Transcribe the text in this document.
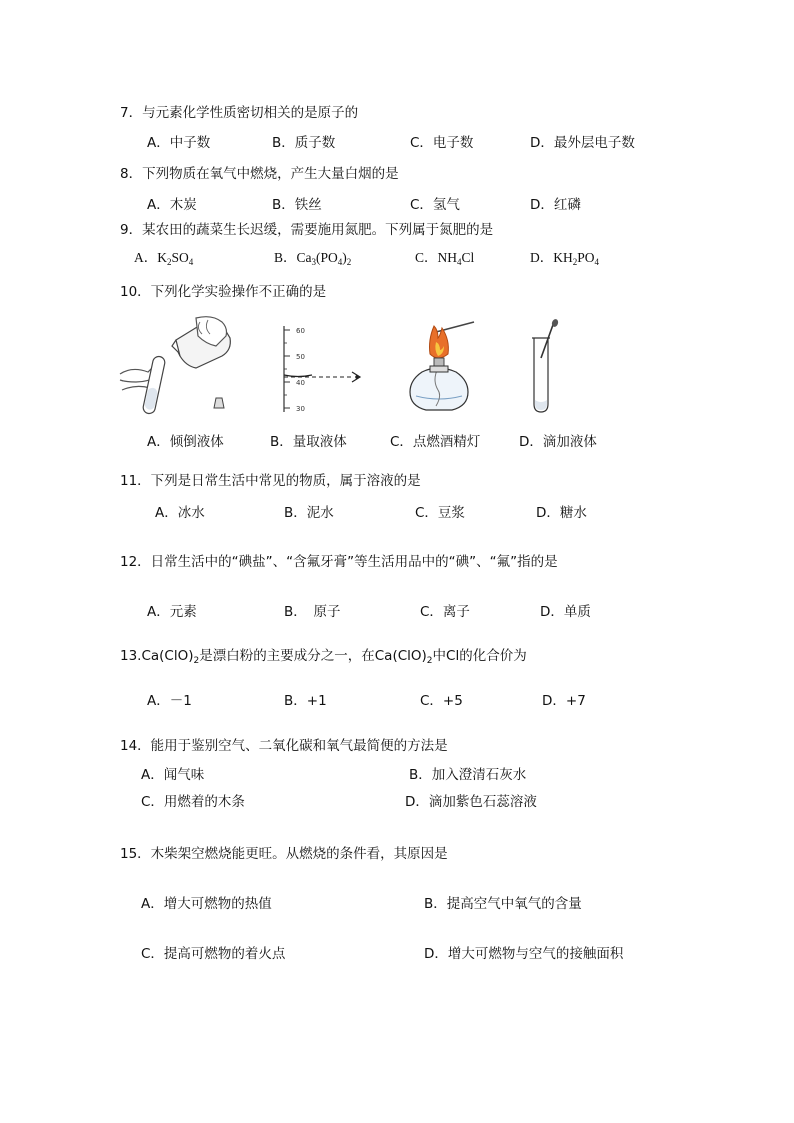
7．与元素化学性质密切相关的是原子的
A．中子数	B．质子数	C．电子数	D．最外层电子数
8．下列物质在氧气中燃烧，产生大量白烟的是
A．木炭	B．铁丝	C．氢气	D．红磷
9．某农田的蔬菜生长迟缓，需要施用氮肥。下列属于氮肥的是
A．$K_2SO_4$	B．$Ca_3(PO_4)_2$	C．$NH_4Cl$	D．$KH_2PO_4$
10．下列化学实验操作不正确的是
60
50
40
30
A．倾倒液体	B．量取液体	C．点燃酒精灯	D．滴加液体
11．下列是日常生活中常见的物质，属于溶液的是
A．冰水	B．泥水	C．豆浆	D．糖水
12．日常生活中的“碘盐”、“含氟牙膏”等生活用品中的“碘”、“氟”指的是
A．元素	B．　原子	C．离子	D．单质
$13.Ca(ClO)_2$是漂白粉的主要成分之一，在$Ca(ClO)_2$中Cl的化合价为
A．－1	B．+1	C．+5	D．+7
14．能用于鉴别空气、二氧化碳和氧气最简便的方法是
A．闻气味	B．加入澄清石灰水
C．用燃着的木条	D．滴加紫色石蕊溶液
15．木柴架空燃烧能更旺。从燃烧的条件看，其原因是
A．增大可燃物的热值	B．提高空气中氧气的含量
C．提高可燃物的着火点	D．增大可燃物与空气的接触面积
